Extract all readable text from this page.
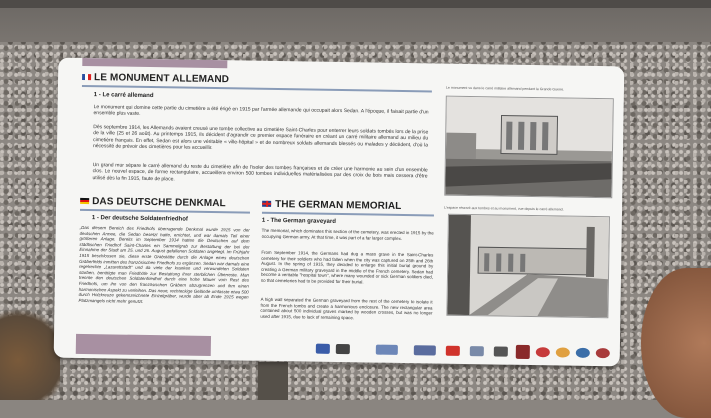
LE MONUMENT ALLEMAND
1 - Le carré allemand
Le monument qui domine cette partie du cimetière a été érigé en 1915 par l'armée allemande qui occupait alors Sedan. A l'époque, il faisait partie d'un ensemble plus vaste.
Dès septembre 1914, les Allemands avaient creusé une tombe collective au cimetière Saint-Charles pour enterrer leurs soldats tombés lors de la prise de la ville (25 et 26 août). Au printemps 1915, ils décident d'agrandir ce premier espace funéraire en créant un carré militaire allemand au milieu du cimetière français. En effet, Sedan est alors une véritable « ville-hôpital » et de nombreux soldats allemands blessés ou malades y décèdent, d'où la nécessité de prévoir des cimetières pour les accueillir.
Un grand mur sépare le carré allemand du reste du cimetière afin de l'isoler des tombes françaises et de créer une harmonie au sein d'un ensemble clos. Le nouvel espace, de forme rectangulaire, accueillera environ 500 tombes individuelles matérialisées par des croix de bois mais cessera d'être utilisé dès la fin 1915, faute de place.
DAS DEUTSCHE DENKMAL
1 - Der deutsche Soldatenfriedhof
„Das diesem Bereich des Friedhofs überragende Denkmal wurde 1915 von der deutschen Armee, die Sedan besetzt hatte, errichtet, und war damals Teil einer größeren Anlage. Bereits im September 1914 hatten die Deutschen auf dem städtischen Friedhof Saint-Charles ein Sammelgrab zur Bestattung der bei der Einnahme der Stadt am 25. und 26. August gefallenen Soldaten angelegt. Im Frühjahr 1915 beschlossen sie, diese erste Grabstätte durch die Anlage eines deutschen Gräberfelds inmitten des französischen Friedhofs zu ergänzen. Sedan war damals eine regelrechte „Lazarettstadt“ und da viele der kranken und verwundeten Soldaten starben, benötigte man Friedhöfe zur Bestattung ihrer sterblichen Überreste. Man trennte den deutschen Soldatenfriedhof durch eine hohe Mauer vom Rest des Friedhofs, um ihn von den französischen Gräbern abzugrenzen und ihm einen harmonischen Aspekt zu verleihen. Das neue, rechteckige Gelände umfasste etwa 500 durch Holzkreuze gekennzeichnete Einzelgräber, wurde aber ab Ende 1915 wegen Platzmangels nicht mehr genutzt.
THE GERMAN MEMORIAL
1 - The German graveyard
The memorial, which dominates this section of the cemetery, was erected in 1915 by the occupying German army. At that time, it was part of a far larger complex.
From September 1914, the Germans had dug a mass grave in the Saint-Charles cemetery for their soldiers who had fallen when the city was captured on 25th and 26th August. In the spring of 1915, they decided to enlarge this initial burial ground by creating a German military graveyard in the middle of the French cemetery. Sedan had become a veritable "hospital town", where many wounded or sick German soldiers died, so that cemeteries had to be provided for their burial.
A high wall separated the German graveyard from the rest of the cemetery to isolate it from the French tombs and create a harmonious enclosure. The new rectangular area contained about 500 individual graves marked by wooden crosses, but was no longer used after 1915, due to lack of remaining space.
Le monument vu dans le carré militaire allemand pendant la Grande Guerre.
L'espace réservé aux tombes et au monument, vue depuis le carré allemand.
